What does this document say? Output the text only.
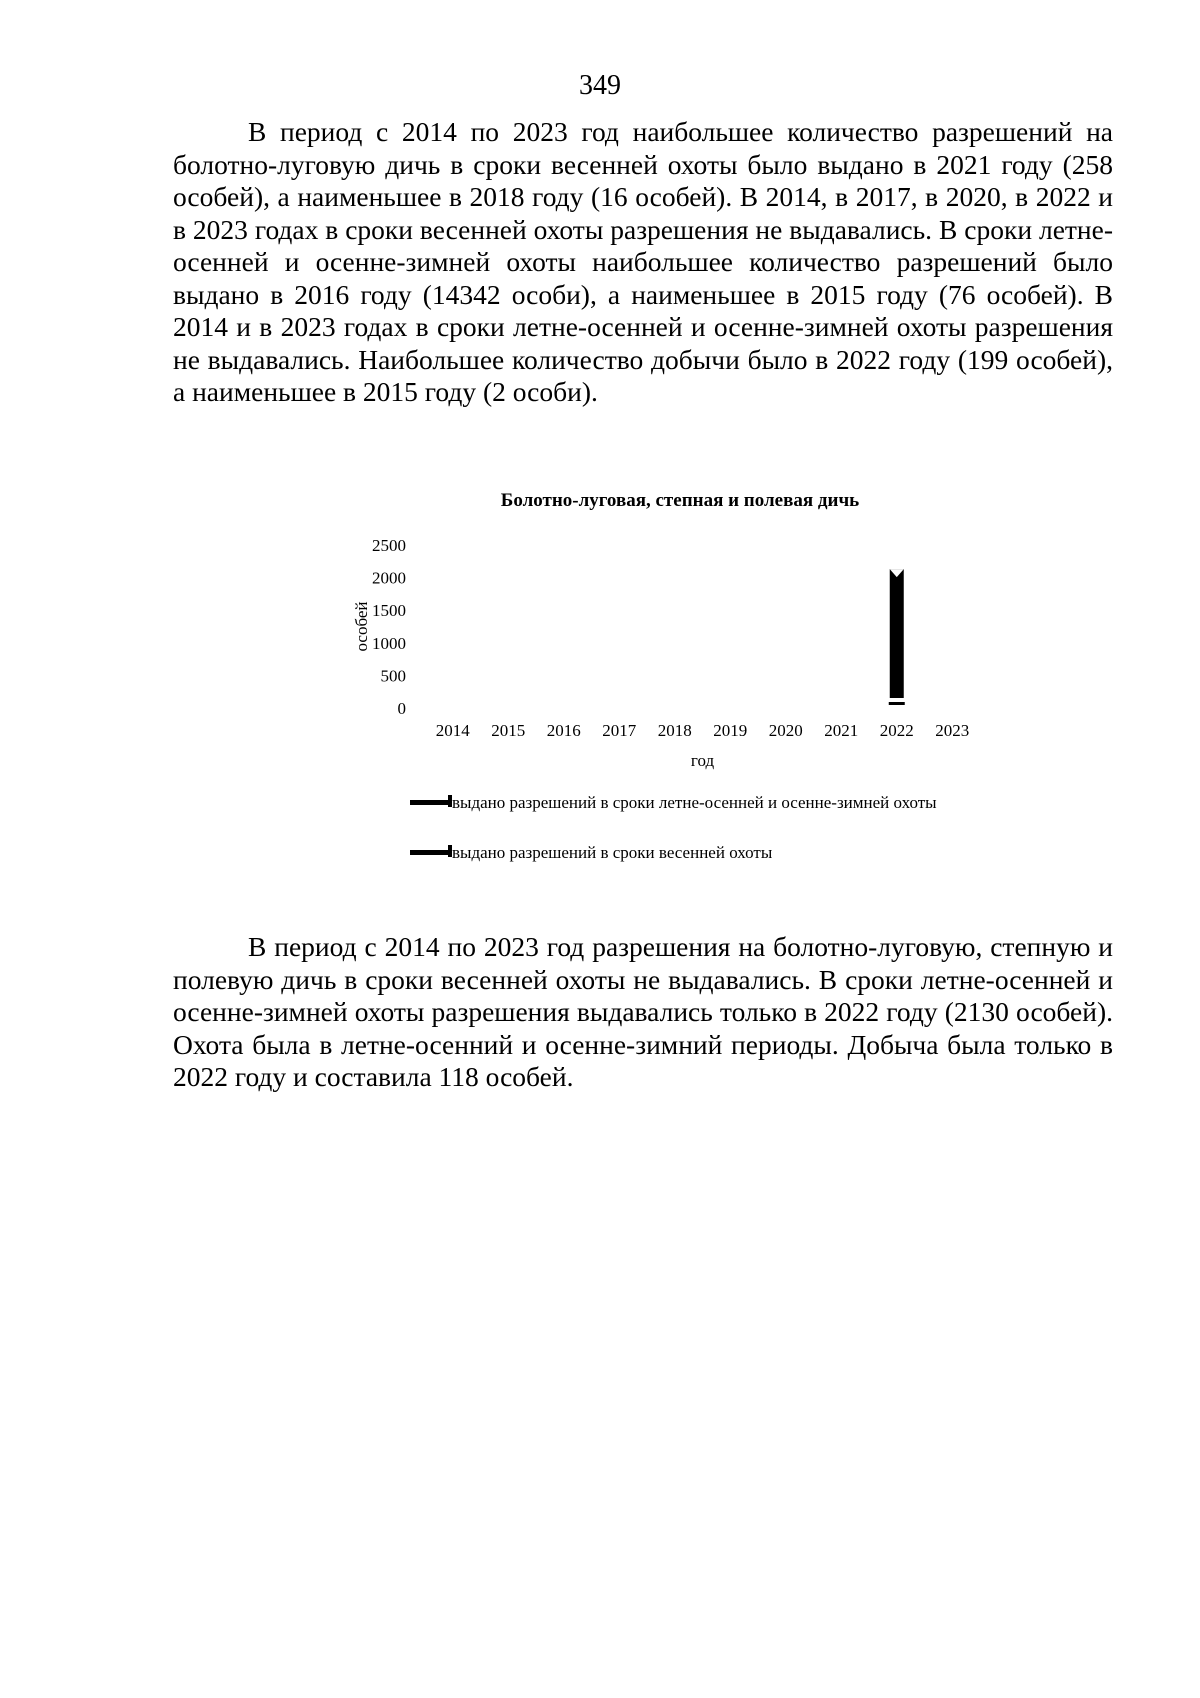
349

В период с 2014 по 2023 год наибольшее количество разрешений на болотно-луговую дичь в сроки весенней охоты было выдано в 2021 году (258 особей), а наименьшее в 2018 году (16 особей). В 2014, в 2017, в 2020, в 2022 и в 2023 годах в сроки весенней охоты разрешения не выдавались. В сроки летне-осенней и осенне-зимней охоты наибольшее количество разрешений было выдано в 2016 году (14342 особи), а наименьшее в 2015 году (76 особей). В 2014 и в 2023 годах в сроки летне-осенней и осенне-зимней охоты разрешения не выдавались. Наибольшее количество добычи было в 2022 году (199 особей), а наименьшее в 2015 году (2 особи).

Болотно-луговая, степная и полевая дичь
0
500
1000
1500
2000
2500
особей
2014 2015 2016 2017 2018 2019 2020 2021 2022 2023
год
выдано разрешений в сроки летне-осенней и осенне-зимней охоты
выдано разрешений в сроки весенней охоты

В период с 2014 по 2023 год разрешения на болотно-луговую, степную и полевую дичь в сроки весенней охоты не выдавались. В сроки летне-осенней и осенне-зимней охоты разрешения выдавались только в 2022 году (2130 особей). Охота была в летне-осенний и осенне-зимний периоды. Добыча была только в 2022 году и составила 118 особей.
